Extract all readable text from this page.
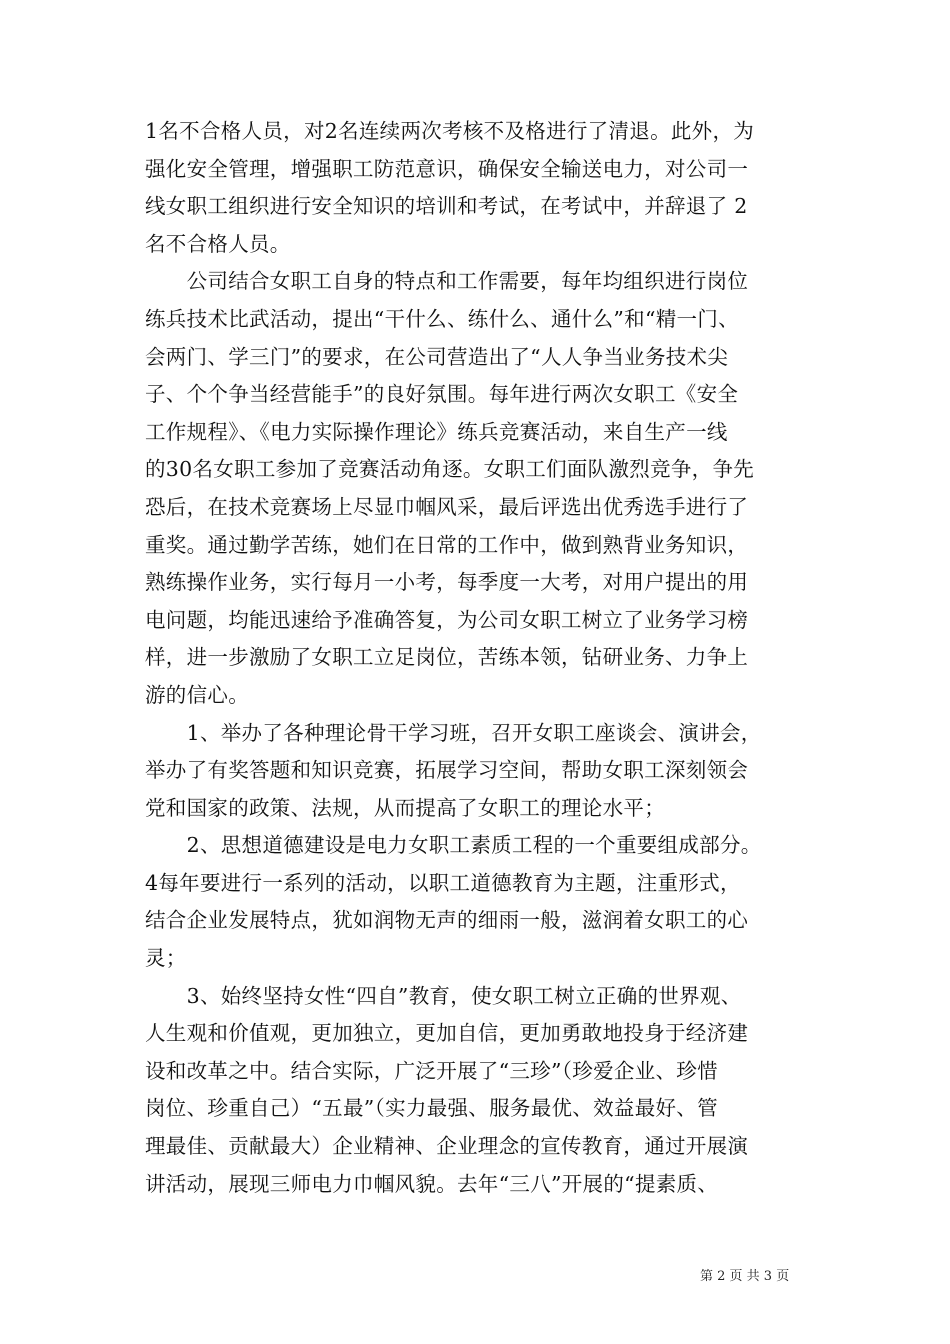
1名不合格人员，对2名连续两次考核不及格进行了清退。此外，为
强化安全管理，增强职工防范意识，确保安全输送电力，对公司一
线女职工组织进行安全知识的培训和考试，在考试中，并辞退了 2
名不合格人员。
　　公司结合女职工自身的特点和工作需要，每年均组织进行岗位
练兵技术比武活动，提出“干什么、练什么、通什么”和“精一门、
会两门、学三门”的要求，在公司营造出了“人人争当业务技术尖
子、个个争当经营能手”的良好氛围。每年进行两次女职工《安全
工作规程》、《电力实际操作理论》练兵竞赛活动，来自生产一线
的30名女职工参加了竞赛活动角逐。女职工们面队激烈竞争，争先
恐后，在技术竞赛场上尽显巾帼风采，最后评选出优秀选手进行了
重奖。通过勤学苦练，她们在日常的工作中，做到熟背业务知识，
熟练操作业务，实行每月一小考，每季度一大考，对用户提出的用
电问题，均能迅速给予准确答复，为公司女职工树立了业务学习榜
样，进一步激励了女职工立足岗位，苦练本领，钻研业务、力争上
游的信心。
　　1、举办了各种理论骨干学习班，召开女职工座谈会、演讲会，
举办了有奖答题和知识竞赛，拓展学习空间，帮助女职工深刻领会
党和国家的政策、法规，从而提高了女职工的理论水平；
　　2、思想道德建设是电力女职工素质工程的一个重要组成部分。
4每年要进行一系列的活动，以职工道德教育为主题，注重形式，
结合企业发展特点，犹如润物无声的细雨一般，滋润着女职工的心
灵；
　　3、始终坚持女性“四自”教育，使女职工树立正确的世界观、
人生观和价值观，更加独立，更加自信，更加勇敢地投身于经济建
设和改革之中。结合实际，广泛开展了“三珍”（珍爱企业、珍惜
岗位、珍重自己）“五最”（实力最强、服务最优、效益最好、管
理最佳、贡献最大）企业精神、企业理念的宣传教育，通过开展演
讲活动，展现三师电力巾帼风貌。去年“三八”开展的“提素质、
第 2 页 共 3 页
